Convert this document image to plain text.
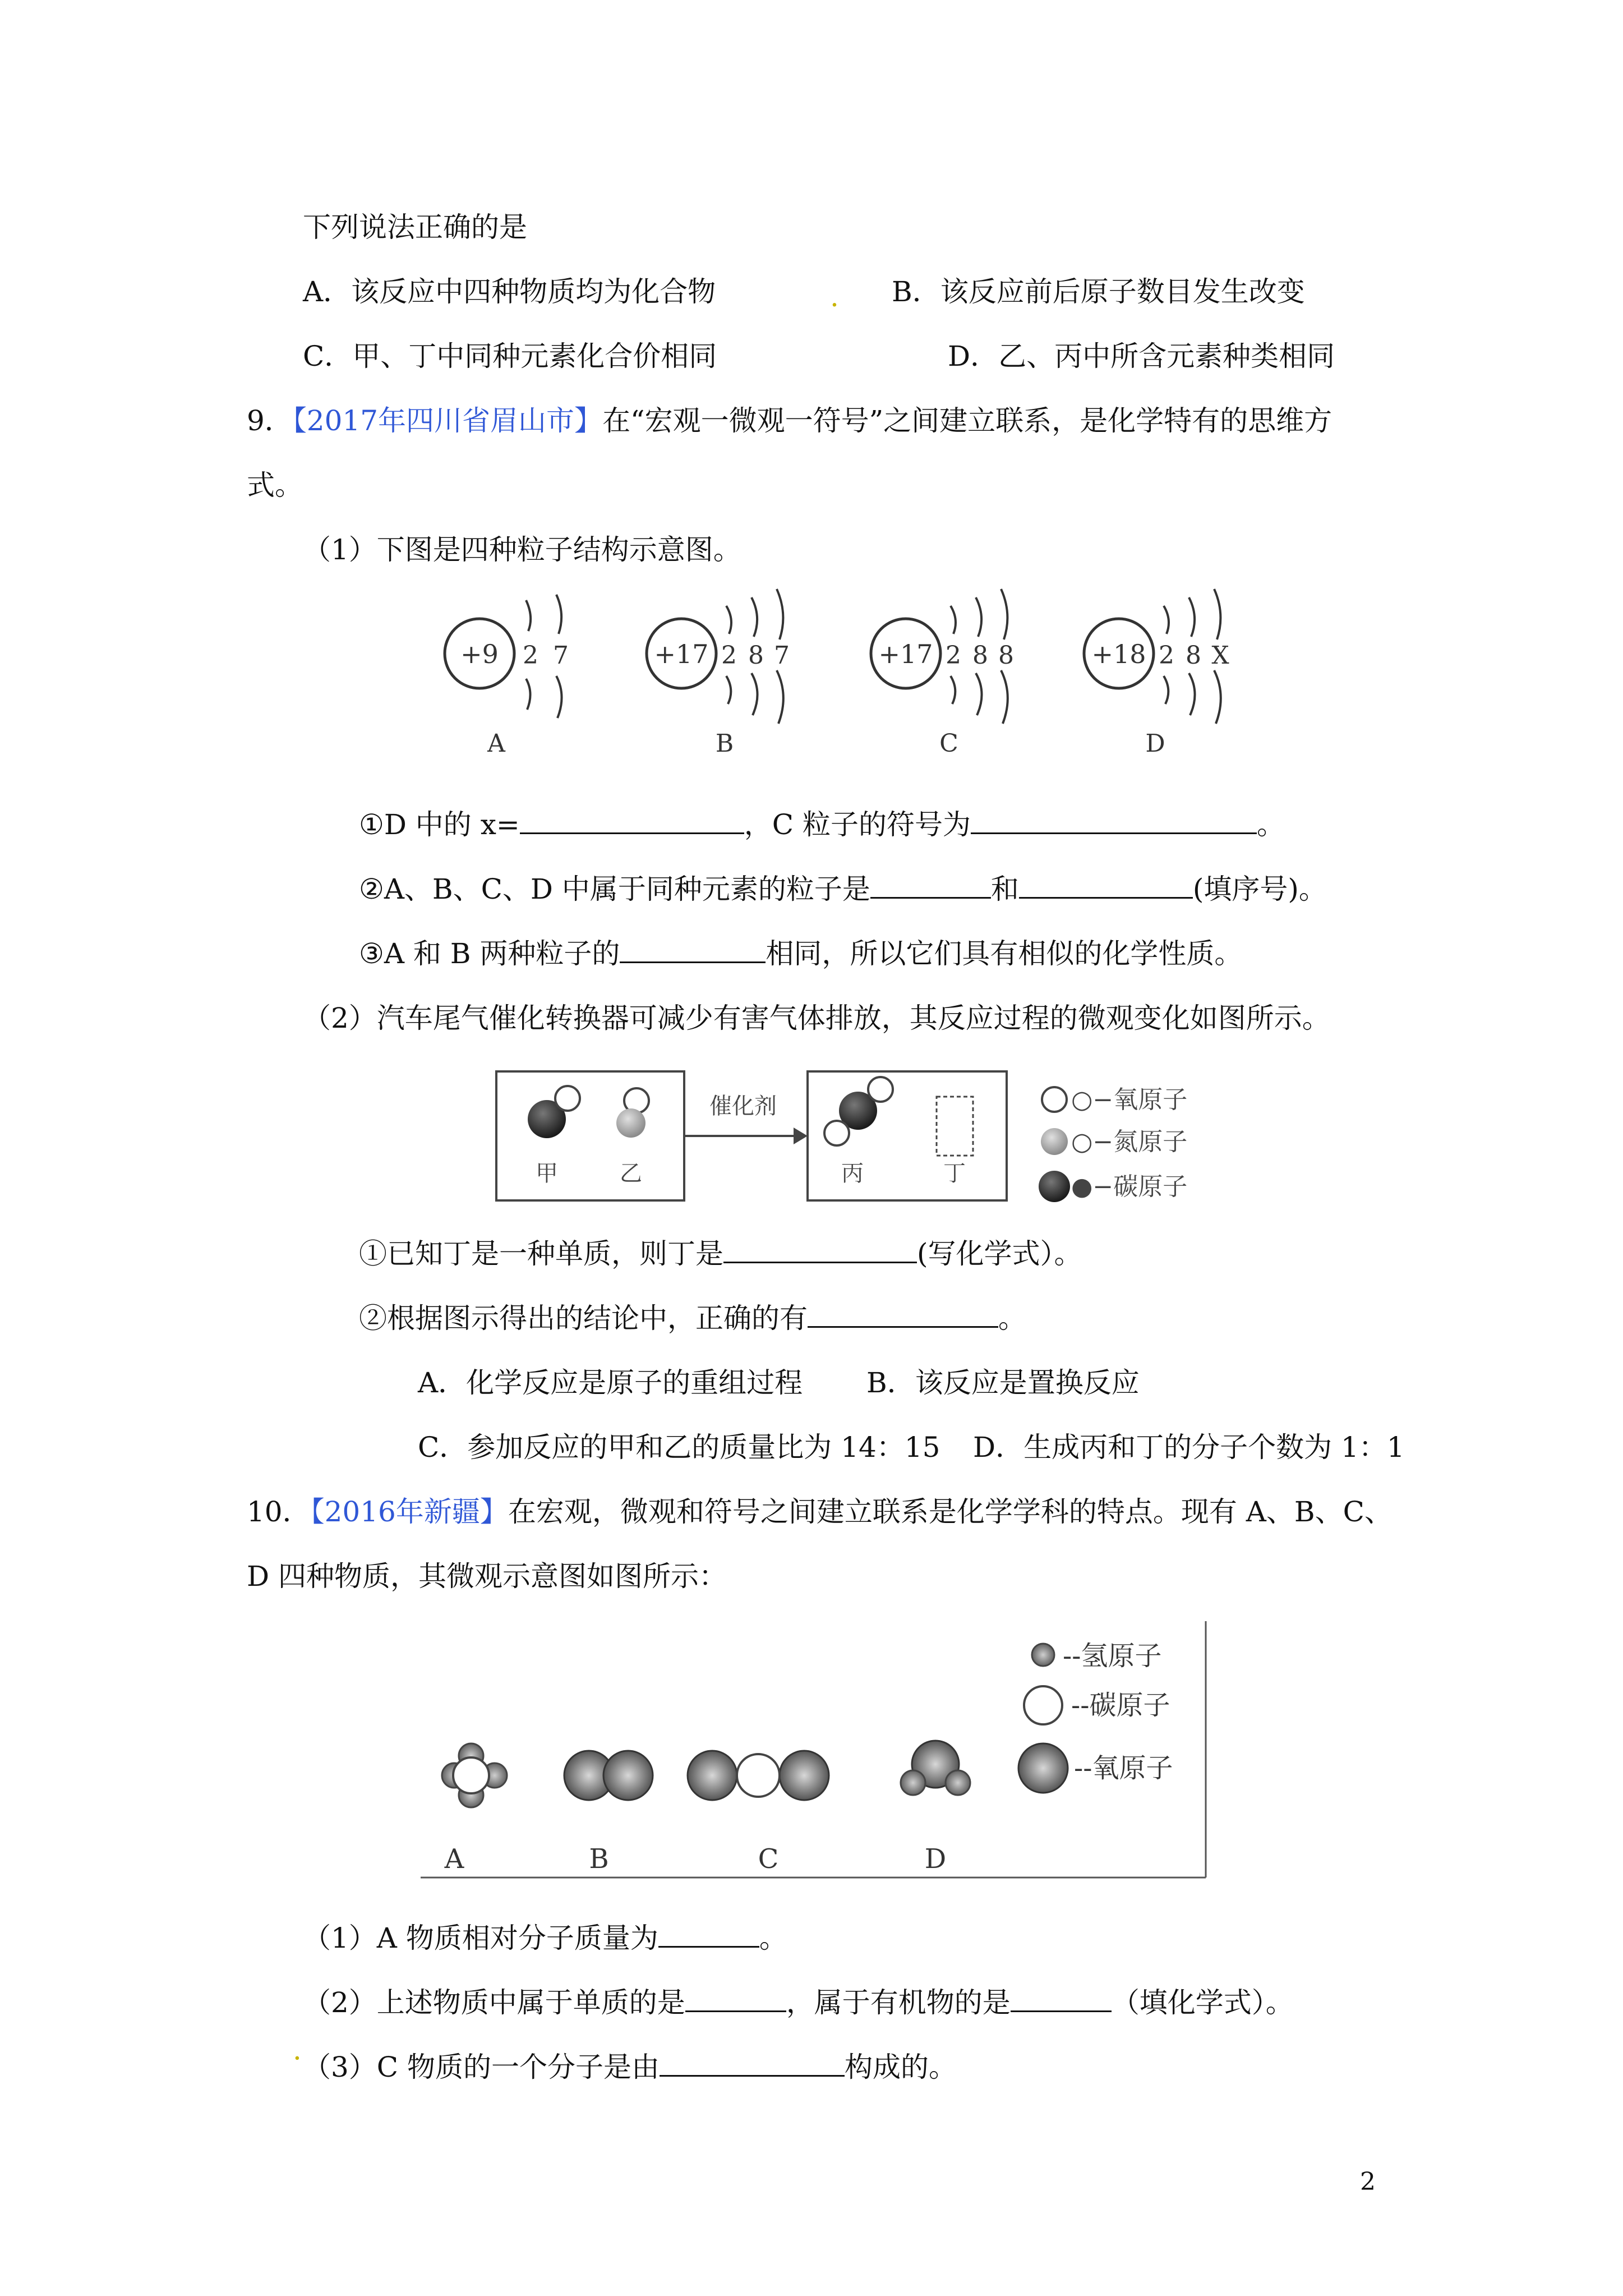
下列说法正确的是
A．该反应中四种物质均为化合物	. B．该反应前后原子数目发生改变
C．甲、丁中同种元素化合价相同	D．乙、丙中所含元素种类相同
9．【2017年四川省眉山市】在“宏观一微观一符号”之间建立联系，是化学特有的思维方
式。
（1）下图是四种粒子结构示意图。
+9 2 7
A
+17 2 8 7
B
+17 2 8 8
C
+18 2 8 X
D
①D 中的 x=	，C 粒子的符号为	。
②A、B、C、D 中属于同种元素的粒子是	和	(填序号)。
③A 和 B 两种粒子的	相同，所以它们具有相似的化学性质。
（2）汽车尾气催化转换器可减少有害气体排放，其反应过程的微观变化如图所示。
甲	乙
催化剂
丙	丁
○−氧原子
○−氮原子
●−碳原子
①已知丁是一种单质，则丁是	(写化学式）。
②根据图示得出的结论中，正确的有	。
A．化学反应是原子的重组过程 B．该反应是置换反应
C．参加反应的甲和乙的质量比为 14：15 D．生成丙和丁的分子个数为 1：1
10．【2016年新疆】在宏观，微观和符号之间建立联系是化学学科的特点。现有 A、B、C、
D 四种物质，其微观示意图如图所示：
A	B	C	D
--氢原子
--碳原子
--氧原子
（1）A 物质相对分子质量为	。
（2）上述物质中属于单质的是	，属于有机物的是	（填化学式）。
· （3）C 物质的一个分子是由	构成的。
2
